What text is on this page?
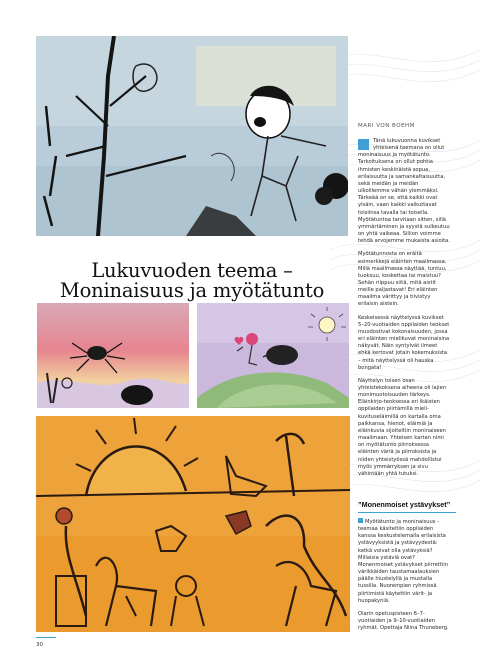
Lukuvuoden teema –
Moninaisuus ja myötätunto
MARI VON BOEHM

Tänä lukuvuonna kuvikset yhteisenä teemana on ollut moninaisuus ja myötätunto. Tarkoituksena on ollut pohtia ihmisten keskinäistä sopua, erilaisuutta ja samankaltaisuutta, sekä meidän ja meidän ulkoillemme vähän ylemmäksi. Tärkeää on se, että kaikki ovat ylsäin, vaan kaikki vaikuttavat toisiinsa tavalla tai toisella. Myötätuntoa tarvitaan sitten, sillä ymmärtäminen ja syystä sulkeutuu on yhtä vaikeaa. Sillion voimme tehdä arvojemme mukaista asioita.

Myötätunnosta on eräitä esimerkkejä eläinten maailmassa. Millä maailmassa näyttää, tuntuu, tuoksuu, koskettaa tai maistuu? Sehän riippuu siitä, mitä aistit meille paljastavat! Eri eläinten maailma värittyy ja tiivistyy erilaisin aistein.

Keskeisessä näyttelyssä kuvikset 5–20-vuotiaiden oppilaiden teokset muodostivat kokonaisuuden, jossa eri eläinten mielikuvat moninaisina näkyvät. Näin syntyivät ilmeet ehkä kertovat jotain kokemuksista – mitä näyttelyssä oli hauska bongata!

Näyttelyn toisen osan yhteistekoksena aiheena oli lajien monimuotoisuuden tärkeys. Eläinkirjo-teoksessa eri ikäisten oppilaiden piirtämillä mieli-kuvituseläimillä on kartalla oma paikkansa, hienot, eläimiä ja eläinkuvia sijoiteltiin moninaiseen maailmaan. Yhteisen kartan nimi on myötätunto piirroksessa eläinten väriä ja piirroksista ja niiden yhteistyössä mahdollistui myös ymmärryksen ja sivu vähintään yhtä tutuksi.

”Monenmoiset ystävykset”

Myötätunto ja moninaisuus -teemaa käsiteltiin oppilaiden kanssa keskustelemalla erilaisista ystävyyksistä ja ystävyydestä: ketkä voivat olla ystävyksiä? Millaisia ystäviä ovat? Monenmoiset ystävykset piirrettiin värikkäiden taustamaalauksien päälle hiustelyllä ja mustalla tussilla. Nuorempien ryhmissä piirtimistä käytettiin värit- ja huopakyniä.

Olarin opetuspisteen 6–7-vuotiaiden ja 9–10-vuotiaiden ryhmät. Opettaja Niina Thuneberg.

30
